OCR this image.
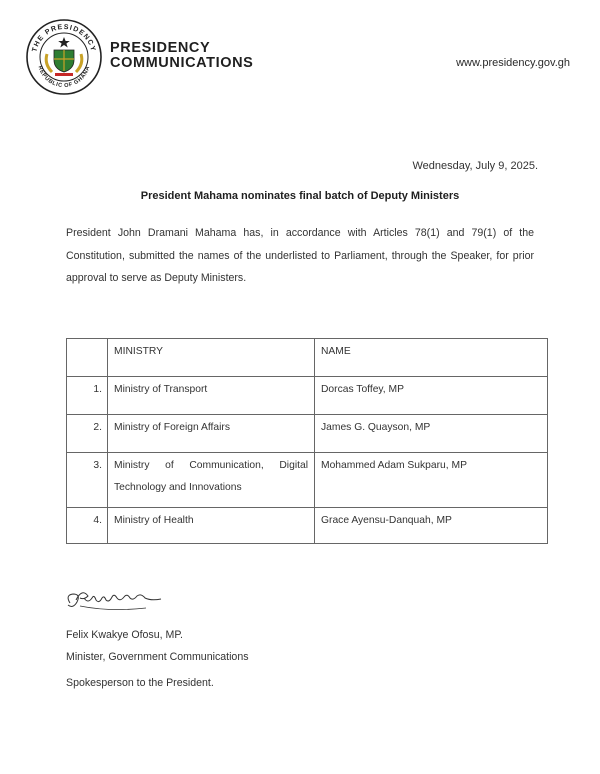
THE PRESIDENCY
REPUBLIC OF GHANA
PRESIDENCY
COMMUNICATIONS	www.presidency.gov.gh
Wednesday, July 9, 2025.
President Mahama nominates final batch of Deputy Ministers
President John Dramani Mahama has, in accordance with Articles 78(1) and 79(1) of the Constitution, submitted the names of the underlisted to Parliament, through the Speaker, for prior approval to serve as Deputy Ministers.
	MINISTRY	NAME
1.	Ministry of Transport	Dorcas Toffey, MP
2.	Ministry of Foreign Affairs	James G. Quayson, MP
3.	Ministry of Communication, Digital Technology and Innovations	Mohammed Adam Sukparu, MP
4.	Ministry of Health	Grace Ayensu-Danquah, MP
Felix Kwakye Ofosu, MP.
Minister, Government Communications
Spokesperson to the President.
